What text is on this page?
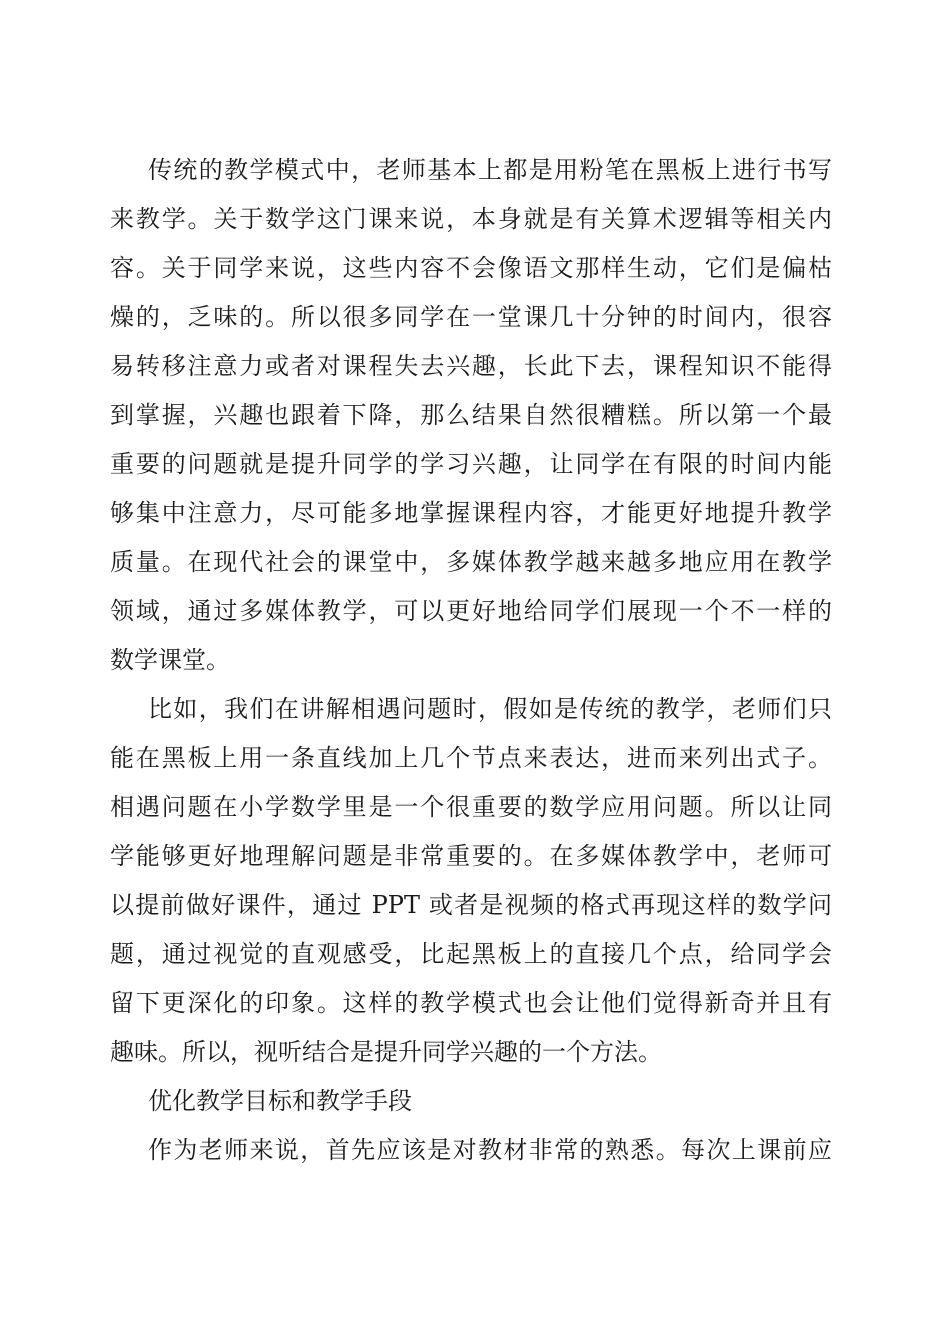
传统的教学模式中，老师基本上都是用粉笔在黑板上进行书写
来教学。关于数学这门课来说，本身就是有关算术逻辑等相关内
容。关于同学来说，这些内容不会像语文那样生动，它们是偏枯
燥的，乏味的。所以很多同学在一堂课几十分钟的时间内，很容
易转移注意力或者对课程失去兴趣，长此下去，课程知识不能得
到掌握，兴趣也跟着下降，那么结果自然很糟糕。所以第一个最
重要的问题就是提升同学的学习兴趣，让同学在有限的时间内能
够集中注意力，尽可能多地掌握课程内容，才能更好地提升教学
质量。在现代社会的课堂中，多媒体教学越来越多地应用在教学
领域，通过多媒体教学，可以更好地给同学们展现一个不一样的
数学课堂。
比如，我们在讲解相遇问题时，假如是传统的教学，老师们只
能在黑板上用一条直线加上几个节点来表达，进而来列出式子。
相遇问题在小学数学里是一个很重要的数学应用问题。所以让同
学能够更好地理解问题是非常重要的。在多媒体教学中，老师可
以提前做好课件，通过 PPT 或者是视频的格式再现这样的数学问
题，通过视觉的直观感受，比起黑板上的直接几个点，给同学会
留下更深化的印象。这样的教学模式也会让他们觉得新奇并且有
趣味。所以，视听结合是提升同学兴趣的一个方法。
优化教学目标和教学手段
作为老师来说，首先应该是对教材非常的熟悉。每次上课前应
